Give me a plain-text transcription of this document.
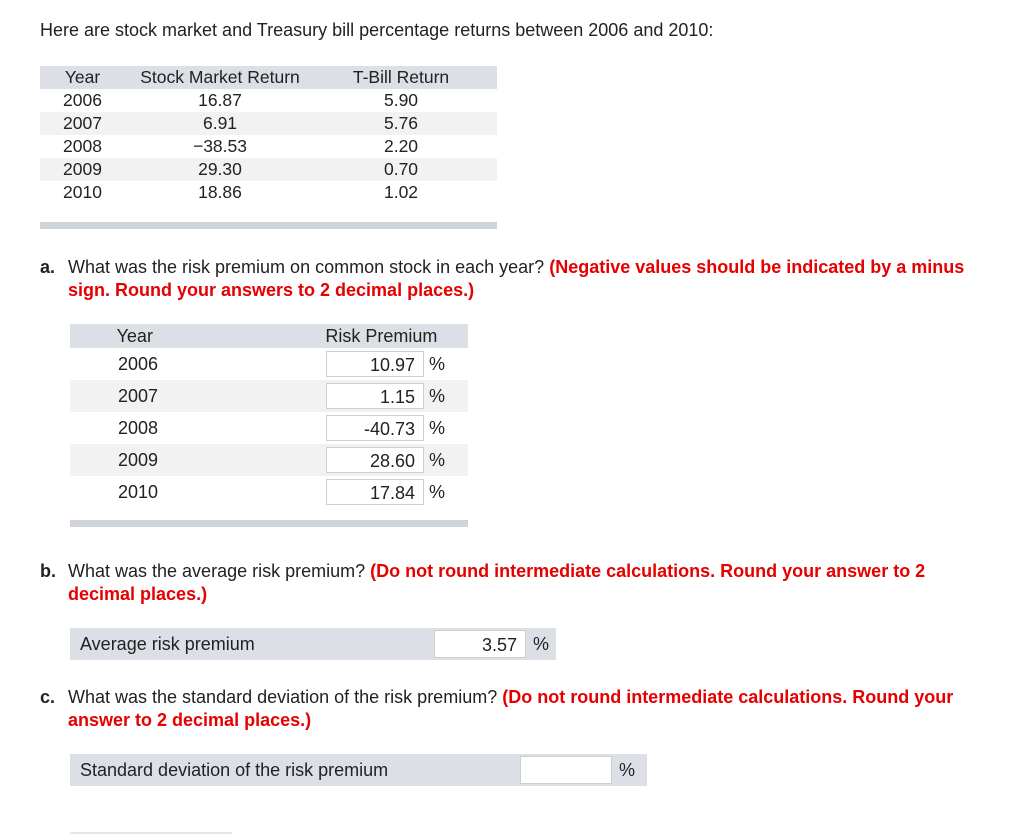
Here are stock market and Treasury bill percentage returns between 2006 and 2010:
Year	Stock Market Return	T-Bill Return
2006	16.87	5.90
2007	6.91	5.76
2008	−38.53	2.20
2009	29.30	0.70
2010	18.86	1.02
a. What was the risk premium on common stock in each year? (Negative values should be indicated by a minus sign. Round your answers to 2 decimal places.)
Year	Risk Premium
2006	10.97 %
2007	1.15 %
2008	-40.73 %
2009	28.60 %
2010	17.84 %
b. What was the average risk premium? (Do not round intermediate calculations. Round your answer to 2 decimal places.)
Average risk premium	3.57 %
c. What was the standard deviation of the risk premium? (Do not round intermediate calculations. Round your answer to 2 decimal places.)
Standard deviation of the risk premium	%
